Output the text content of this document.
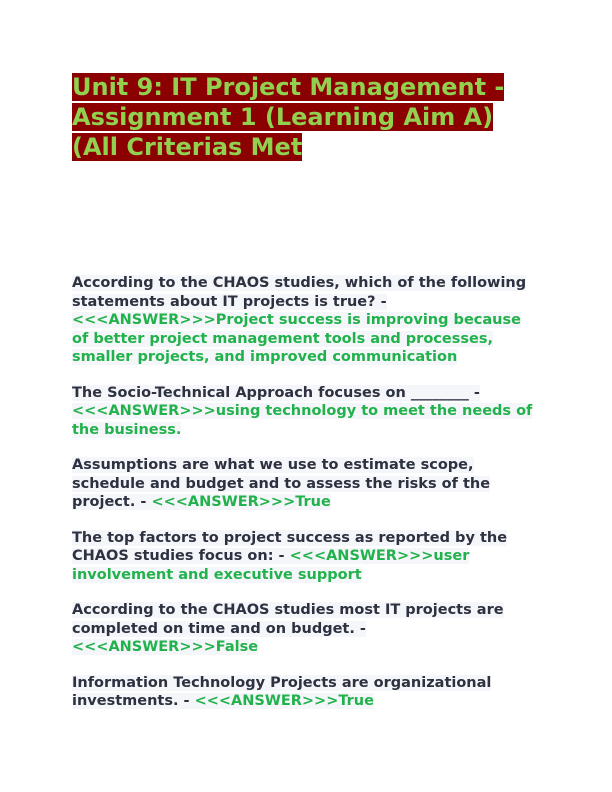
Unit 9: IT Project Management - Assignment 1 (Learning Aim A) (All Criterias Met

According to the CHAOS studies, which of the following statements about IT projects is true? - <<<ANSWER>>>Project success is improving because of better project management tools and processes, smaller projects, and improved communication

The Socio-Technical Approach focuses on ________ - <<<ANSWER>>>using technology to meet the needs of the business.

Assumptions are what we use to estimate scope, schedule and budget and to assess the risks of the project. - <<<ANSWER>>>True

The top factors to project success as reported by the CHAOS studies focus on: - <<<ANSWER>>>user involvement and executive support

According to the CHAOS studies most IT projects are completed on time and on budget. - <<<ANSWER>>>False

Information Technology Projects are organizational investments. - <<<ANSWER>>>True
